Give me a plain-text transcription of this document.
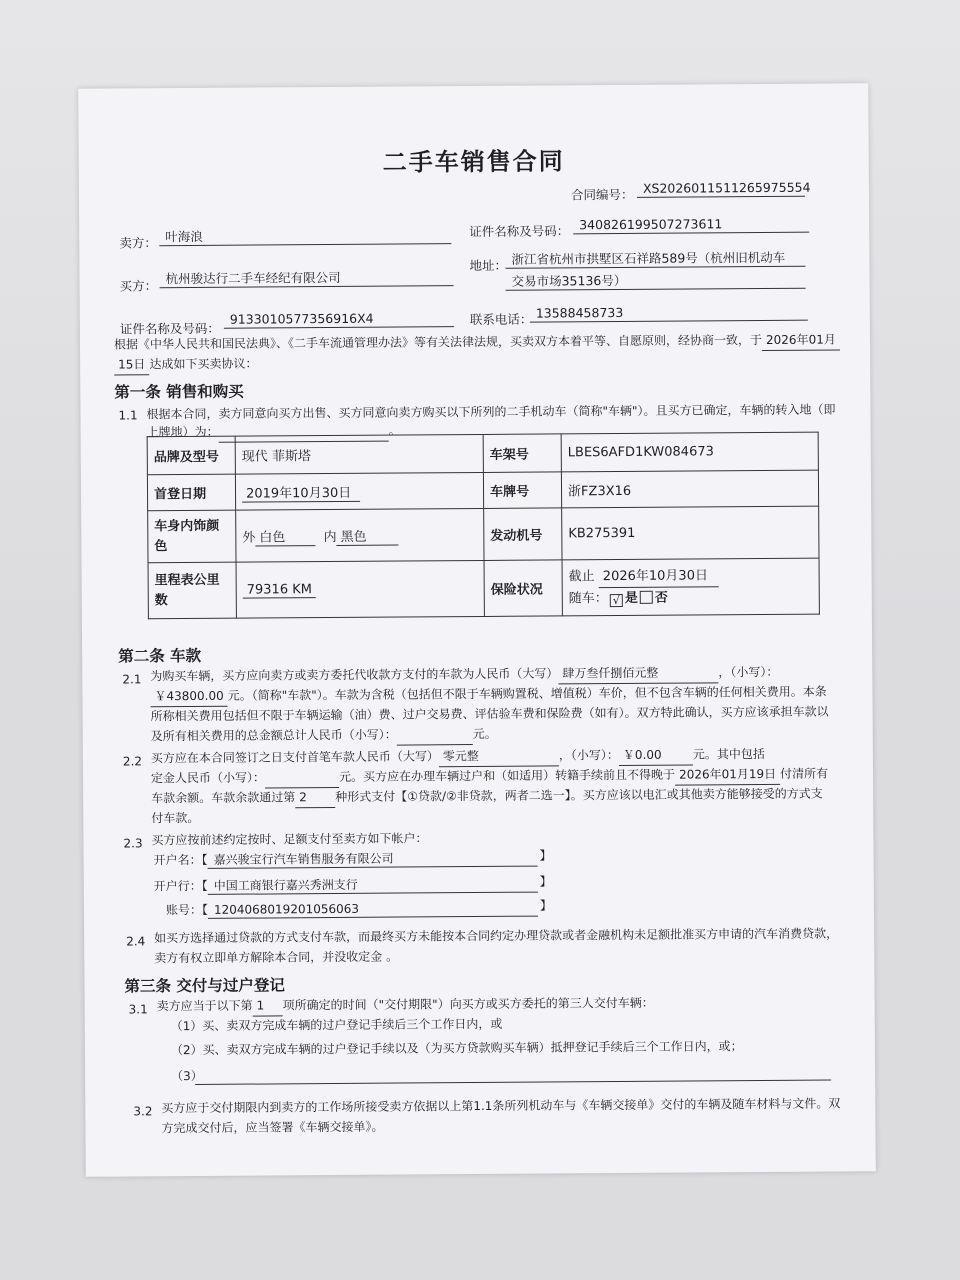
二手车销售合同
合同编号： XS2026011511265975554
卖方： 叶海浪	证件名称及号码： 340826199507273611
买方： 杭州骏达行二手车经纪有限公司
地址： 浙江省杭州市拱墅区石祥路589号（杭州旧机动车
交易市场35136号）
证件名称及号码：
9133010577356916X4	联系电话： 13588458733
根据《中华人民共和国民法典》、《二手车流通管理办法》等有关法律法规，买卖双方本着平等、自愿原则，经协商一致，于 2026年01月
15日 达成如下买卖协议：
第一条 销售和购买
1.1 根据本合同，卖方同意向买方出售、买方同意向卖方购买以下所列的二手机动车（简称"车辆"）。且买方已确定，车辆的转入地（即
上牌地）为：	。
品牌及型号	现代 菲斯塔	车架号	LBES6AFD1KW084673
首登日期	2019年10月30日	车牌号	浙FZ3X16
车身内饰颜
色	外 白色 内 黑色	发动机号	KB275391
里程表公里
数	79316 KM	保险状况	截止 2026年10月30日
随车： √ 是 否
第二条 车款
2.1 为购买车辆，买方应向卖方或卖方委托代收款方支付的车款为人民币（大写） 肆万叁仟捌佰元整	，（小写）：
￥43800.00 元。（简称"车款"）。车款为含税（包括但不限于车辆购置税、增值税）车价，但不包含车辆的任何相关费用。本条
所称相关费用包括但不限于车辆运输（油）费、过户交易费、评估验车费和保险费（如有）。双方特此确认，买方应该承担车款以
及所有相关费用的总金额总计人民币（小写）：	元。
2.2 买方应在本合同签订之日支付首笔车款人民币（大写） 零元整	，（小写）： ￥0.00	元。其中包括
定金人民币（小写）：	元。买方应在办理车辆过户和（如适用）转籍手续前且不得晚于 2026年01月19日 付清所有
车款余额。车款余款通过第 2 种形式支付【①贷款/②非贷款，两者二选一】。买方应该以电汇或其他卖方能够接受的方式支
付车款。
2.3 买方应按前述约定按时、足额支付至卖方如下帐户：
开户名：【 嘉兴骏宝行汽车销售服务有限公司	】
开户行：【 中国工商银行嘉兴秀洲支行	】
账号：【 1204068019201056063	】
2.4 如买方选择通过贷款的方式支付车款，而最终买方未能按本合同约定办理贷款或者金融机构未足额批准买方申请的汽车消费贷款，
卖方有权立即单方解除本合同，并没收定金 。
第三条 交付与过户登记
3.1 卖方应当于以下第 1 项所确定的时间（"交付期限"）向买方或买方委托的第三人交付车辆：
（1）买、卖双方完成车辆的过户登记手续后三个工作日内，或
（2）买、卖双方完成车辆的过户登记手续以及（为买方贷款购买车辆）抵押登记手续后三个工作日内，或；
（3）
3.2 买方应于交付期限内到卖方的工作场所接受卖方依据以上第1.1条所列机动车与《车辆交接单》交付的车辆及随车材料与文件。双
方完成交付后，应当签署《车辆交接单》。
